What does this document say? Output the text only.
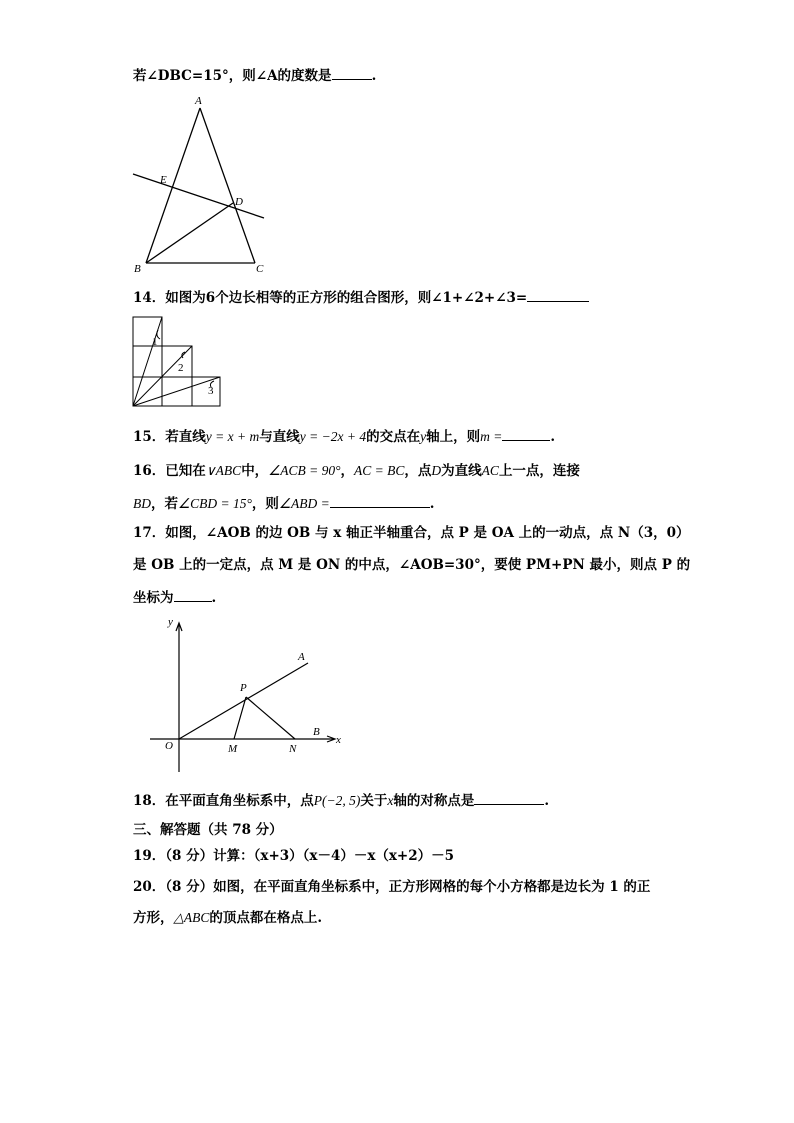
若∠DBC=15°，则∠A的度数是	.
A
E
D
B	C
14．如图为6个边长相等的正方形的组合图形，则∠1+∠2+∠3=
1
2
3
15．若直线y = x + m与直线y = −2x + 4的交点在y轴上，则m =	.
16．已知在∨ABC中，∠ACB = 90°，AC = BC，点D为直线AC上一点，连接
BD，若∠CBD = 15°，则∠ABD =	.
17．如图，∠AOB 的边 OB 与 x 轴正半轴重合，点 P 是 OA 上的一动点，点 N（3，0）
是 OB 上的一定点，点 M 是 ON 的中点，∠AOB=30°，要使 PM+PN 最小，则点 P 的
坐标为	.
y
A
P
B
x
O	M	N
18．在平面直角坐标系中，点P(−2, 5)关于x轴的对称点是	.
三、解答题（共 78 分）
19．（8 分）计算：（x+3）（x－4）－x（x+2）－5
20．（8 分）如图，在平面直角坐标系中，正方形网格的每个小方格都是边长为 1 的正
方形，△ABC的顶点都在格点上.
